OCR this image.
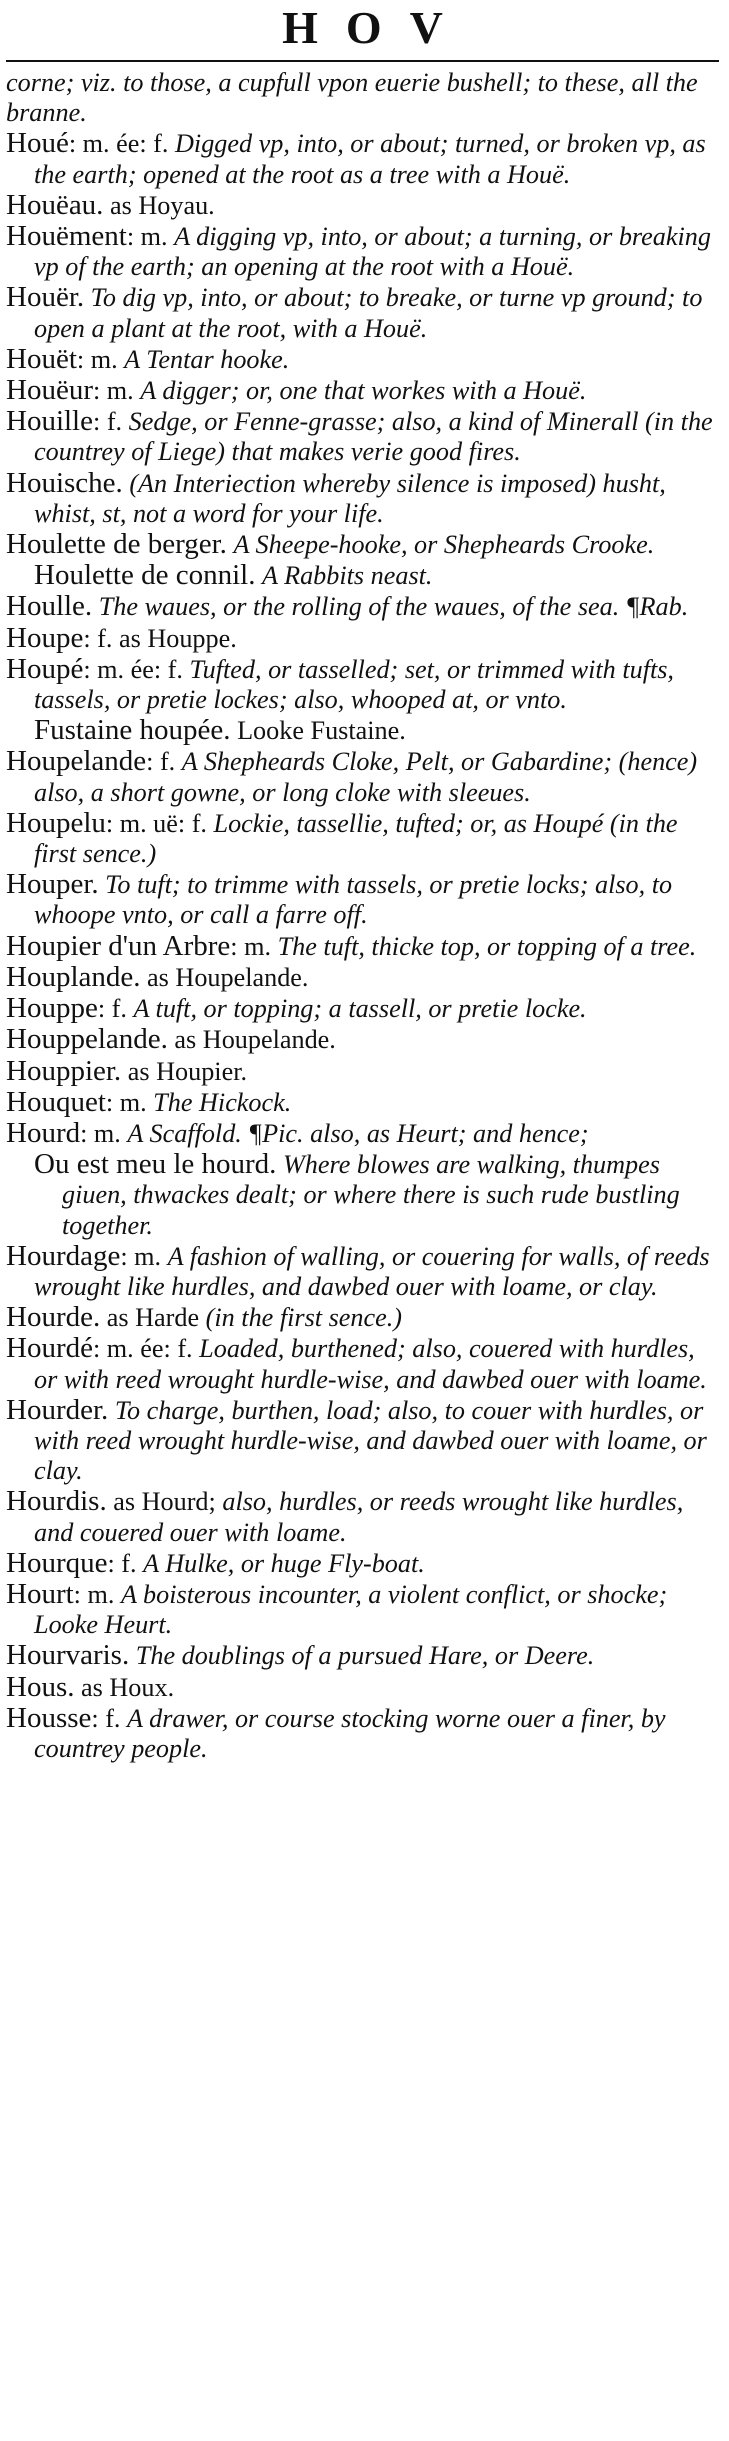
HOV

corne; viz. to those, a cupfull vpon euerie bushell; to these, all the branne.

Houé: m. ée: f. Digged vp, into, or about; turned, or broken vp, as the earth; opened at the root as a tree with a Houë.

Houëau. as Hoyau.

Houëment: m. A digging vp, into, or about; a turning, or breaking vp of the earth; an opening at the root with a Houë.

Houër. To dig vp, into, or about; to breake, or turne vp ground; to open a plant at the root, with a Houë.

Houët: m. A Tentar hooke.

Houëur: m. A digger; or, one that workes with a Houë.

Houille: f. Sedge, or Fenne-grasse; also, a kind of Minerall (in the countrey of Liege) that makes verie good fires.

Houische. (An Interiection whereby silence is imposed) husht, whist, st, not a word for your life.

Houlette de berger. A Sheepe-hooke, or Shepheards Crooke.

Houlette de connil. A Rabbits neast.

Houlle. The waues, or the rolling of the waues, of the sea. ¶Rab.

Houpe: f. as Houppe.

Houpé: m. ée: f. Tufted, or tasselled; set, or trimmed with tufts, tassels, or pretie lockes; also, whooped at, or vnto.

Fustaine houpée. Looke Fustaine.

Houpelande: f. A Shepheards Cloke, Pelt, or Gabardine; (hence) also, a short gowne, or long cloke with sleeues.

Houpelu: m. uë: f. Lockie, tassellie, tufted; or, as Houpé (in the first sence.)

Houper. To tuft; to trimme with tassels, or pretie locks; also, to whoope vnto, or call a farre off.

Houpier d'un Arbre: m. The tuft, thicke top, or topping of a tree.

Houplande. as Houpelande.

Houppe: f. A tuft, or topping; a tassell, or pretie locke.

Houppelande. as Houpelande.

Houppier. as Houpier.

Houquet: m. The Hickock.

Hourd: m. A Scaffold. ¶Pic. also, as Heurt; and hence;

Ou est meu le hourd. Where blowes are walking, thumpes giuen, thwackes dealt; or where there is such rude bustling together.

Hourdage: m. A fashion of walling, or couering for walls, of reeds wrought like hurdles, and dawbed ouer with loame, or clay.

Hourde. as Harde (in the first sence.)

Hourdé: m. ée: f. Loaded, burthened; also, couered with hurdles, or with reed wrought hurdle-wise, and dawbed ouer with loame.

Hourder. To charge, burthen, load; also, to couer with hurdles, or with reed wrought hurdle-wise, and dawbed ouer with loame, or clay.

Hourdis. as Hourd; also, hurdles, or reeds wrought like hurdles, and couered ouer with loame.

Hourque: f. A Hulke, or huge Fly-boat.

Hourt: m. A boisterous incounter, a violent conflict, or shocke; Looke Heurt.

Hourvaris. The doublings of a pursued Hare, or Deere.

Hous. as Houx.

Housse: f. A drawer, or course stocking worne ouer a finer, by countrey people.
